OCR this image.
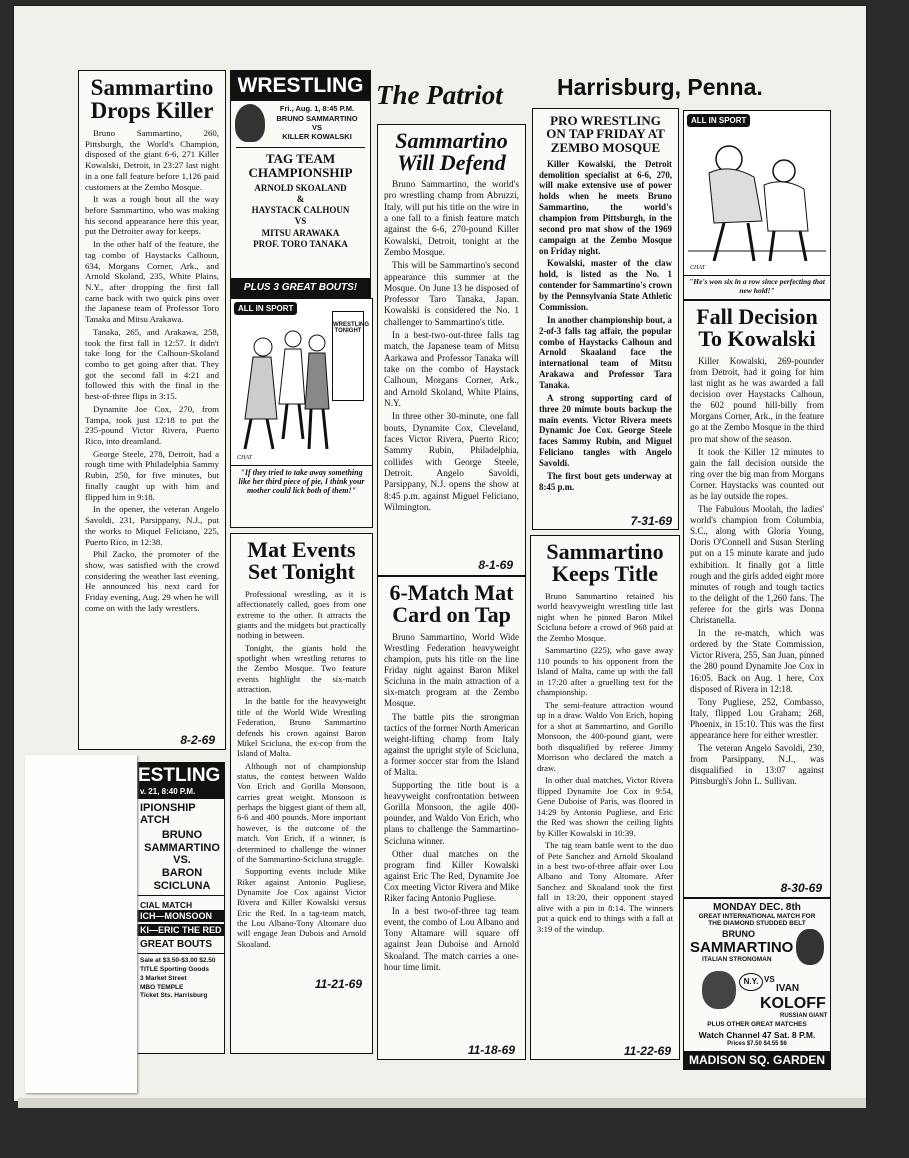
The Patriot Harrisburg, Penna.
Sammartino Drops Killer

Bruno Sammartino, 260, Pittsburgh, the World's Champion, disposed of the giant 6-6, 271 Killer Kowalski, Detroit, in 23:27 last night in a one fall feature before 1,126 paid customers at the Zembo Mosque.

It was a rough bout all the way before Sammartino, who was making his second appearance here this year, put the Detroiter away for keeps.

In the other half of the feature, the tag combo of Haystacks Calhoun, 634, Morgans Corner, Ark., and Arnold Skoland, 235, White Plains, N.Y., after dropping the first fall came back with two quick pins over the Japanese team of Professor Toro Tanaka and Mitsu Arakawa.

Tanaka, 265, and Arakawa, 258, took the first fall in 12:57. It didn't take long for the Calhoun-Skoland combo to get going after that. They got the second fall in 4:21 and followed this with the final in the best-of-three flips in 3:15.

Dynamite Joe Cox, 270, from Tampa, took just 12:18 to put the 235-pound Victor Rivera, Puerto Rico, into dreamland.

George Steele, 278, Detroit, had a rough time with Philadelphia Sammy Rubin, 250, for five minutes, but finally caught up with him and flipped him in 9:18.

In the opener, the veteran Angelo Savoldi, 231, Parsippany, N.J., put the works to Miquel Feliciano, 225, Puerto Rico, in 12:38.

Phil Zacko, the promoter of the show, was satisfied with the crowd considering the weather last evening. He announced his next card for Friday evening, Aug. 29 when he will come on with the lady wrestlers.

8-2-69
WRESTLING
Fri., Aug. 1, 8:45 P.M.
BRUNO SAMMARTINO
VS
KILLER KOWALSKI
TAG TEAM CHAMPIONSHIP
ARNOLD SKOALAND
&
HAYSTACK CALHOUN
VS
MITSU ARAWAKA
PROF. TORO TANAKA
PLUS 3 GREAT BOUTS!
ALL IN SPORT
WRESTLING TONIGHT
CHAT
"If they tried to take away something like her third piece of pie, I think your mother could lick both of them!"
Sammartino Will Defend

Bruno Sammartino, the world's pro wrestling champ from Abruzzi, Italy, will put his title on the wire in a one fall to a finish feature match against the 6-6, 270-pound Killer Kowalski, Detroit, tonight at the Zembo Mosque.

This will be Sammartino's second appearance this summer at the Mosque. On June 13 he disposed of Professor Taro Tanaka, Japan. Kowalski is considered the No. 1 challenger to Sammartino's title.

In a best-two-out-three falls tag match, the Japanese team of Mitsu Aarkawa and Professor Tanaka will take on the combo of Haystack Calhoun, Morgans Corner, Ark., and Arnold Skoland, White Plains, N.Y.

In three other 30-minute, one fall bouts, Dynamite Cox, Cleveland, faces Victor Rivera, Puerto Rico; Sammy Rubin, Philadelphia, collides with George Steele, Detroit. Angelo Savoldi, Parsippany, N.J. opens the show at 8:45 p.m. against Miguel Feliciano, Wilmington.

8-1-69
PRO WRESTLING ON TAP FRIDAY AT ZEMBO MOSQUE

Killer Kowalski, the Detroit demolition specialist at 6-6, 270, will make extensive use of power holds when he meets Bruno Sammartino, the world's champion from Pittsburgh, in the second pro mat show of the 1969 campaign at the Zembo Mosque on Friday night.

Kowalski, master of the claw hold, is listed as the No. 1 contender for Sammartino's crown by the Pennsylvania State Athletic Commission.

In another championship bout, a 2-of-3 falls tag affair, the popular combo of Haystacks Calhoun and Arnold Skaaland face the international team of Mitsu Arakawa and Professor Tara Tanaka.

A strong supporting card of three 20 minute bouts backup the main events. Victor Rivera meets Dynamic Joe Cox. George Steele faces Sammy Rubin, and Miguel Feliciano tangles with Angelo Savoldi.

The first bout gets underway at 8:45 p.m.

7-31-69
ALL IN SPORT
CHAT
"He's won six in a row since perfecting that new hold!"
Fall Decision To Kowalski

Killer Kowalski, 269-pounder from Detroit, had it going for him last night as he was awarded a fall decision over Haystacks Calhoun, the 602 pound hill-billy from Morgans Corner, Ark., in the feature go at the Zembo Mosque in the third pro mat show of the season.

It took the Killer 12 minutes to gain the fall decision outside the ring over the big man from Morgans Corner. Haystacks was counted out as he lay outside the ropes.

The Fabulous Moolah, the ladies' world's champion from Columbia, S.C., along with Gloria Young, Doris O'Connell and Susan Sterling put on a 15 minute karate and judo exhibition. It finally got a little rough and the girls added eight more minutes of rough and tough tactics to the delight of the 1,260 fans. The referee for the girls was Donna Christanella.

In the re-match, which was ordered by the State Commission, Victor Rivera, 255, San Juan, pinned the 280 pound Dynamite Joe Cox in 16:05. Back on Aug. 1 here, Cox disposed of Rivera in 12:18.

Tony Pugliese, 252, Combasso, Italy, flipped Lou Graham; 268, Phoenix, in 15:10. This was the first appearance here for either wrestler.

The veteran Angelo Savoldi, 230, from Parsippany, N.J., was disqualified in 13:07 against Pittsburgh's John L. Sullivan.

8-30-69
Mat Events Set Tonight

Professional wrestling, as it is affectionately called, goes from one extreme to the other. It attracts the giants and the midgets but practically nothing in between.

Tonight, the giants hold the spotlight when wrestling returns to the Zembo Mosque. Two feature events highlight the six-match attraction.

In the battle for the heavyweight title of the World Wide Wrestling Federation, Bruno Sammartino defends his crown against Baron Mikel Scicluna, the ex-cop from the Island of Malta.

Although not of championship status, the contest between Waldo Von Erich and Gorilla Monsoon, carries great weight. Monsoon is perhaps the biggest giant of them all, 6-6 and 400 pounds. More important however, is the outcome of the match. Von Erich, if a winner, is determined to challenge the winner of the Sammartino-Scicluna struggle.

Supporting events include Mike Riker against Antonio Pugliese, Dynamite Joe Cox against Victor Rivera and Killer Kowalski versus Eric the Red. In a tag-team match, the Lou Albano-Tony Altomare duo will engage Jean Dubois and Arnold Skoaland.

11-21-69
6-Match Mat Card on Tap

Bruno Sammartino, World Wide Wrestling Federation heavyweight champion, puts his title on the line Friday night against Baron Mikel Scicluna in the main attraction of a six-match program at the Zembo Mosque.

The battle pits the strongman tactics of the former North American weight-lifting champ from Italy against the upright style of Scicluna, a former soccer star from the Island of Malta.

Supporting the title bout is a heavyweight confrontation between Gorilla Monsoon, the agile 400-pounder, and Waldo Von Erich, who plans to challenge the Sammartino-Scicluna winner.

Other dual matches on the program find Killer Kowalski against Eric The Red, Dynamite Joe Cox meeting Victor Rivera and Mike Riker facing Antonio Pugliese.

In a best two-of-three tag team event, the combo of Lou Albano and Tony Altamare will square off against Jean Duboise and Arnold Skoaland. The match carries a one-hour time limit.

11-18-69
Sammartino Keeps Title

Bruno Sammartino retained his world heavyweight wrestling title last night when he pinned Baron Mikel Scicluna before a crowd of 968 paid at the Zembo Mosque.

Sammartino (225), who gave away 110 pounds to his opponent from the Island of Malta, came up with the fall in 17:20 after a gruelling test for the championship.

The semi-feature attraction wound up in a draw. Waldo Von Erich, hoping for a shot at Sammartino, and Gorillo Monsoon, the 400-pound giant, were both disqualified by referee Jimmy Morrison who declared the match a draw.

In other dual matches, Victor Rivera flipped Dynamite Joe Cox in 9:54, Gene Duboise of Paris, was floored in 14:29 by Antonio Pugliese, and Eric the Red was shown the ceiling lights by Killer Kowalski in 10:39.

The tag team battle went to the duo of Pete Sanchez and Arnold Skoaland in a best two-of-three affair over Lou Albano and Tony Altomare. After Sanchez and Skoaland took the first fall in 13:20, their opponent stayed alive with a pin in 8:14. The winners put a quick end to things with a fall at 3:19 of the windup.

11-22-69
ESTLING
v. 21, 8:40 P.M.
IPIONSHIP ATCH
BRUNO
SAMMARTINO
VS.
BARON
SCICLUNA
CIAL MATCH
ICH—MONSOON
KI—ERIC THE RED
GREAT BOUTS
Sale at $3.50-$3.00 $2.50
TITLE Sporting Goods
3 Market Street
MBO TEMPLE
Ticket Sts. Harrisburg
MONDAY DEC. 8th
GREAT INTERNATIONAL MATCH FOR THE DIAMOND STUDDED BELT
BRUNO
SAMMARTINO
ITALIAN STRONGMAN
N.Y. VS
IVAN
KOLOFF
RUSSIAN GIANT
PLUS OTHER GREAT MATCHES
Watch Channel 47 Sat. 8 P.M.
Prices $7.50 $4.55 $6
MADISON SQ. GARDEN
